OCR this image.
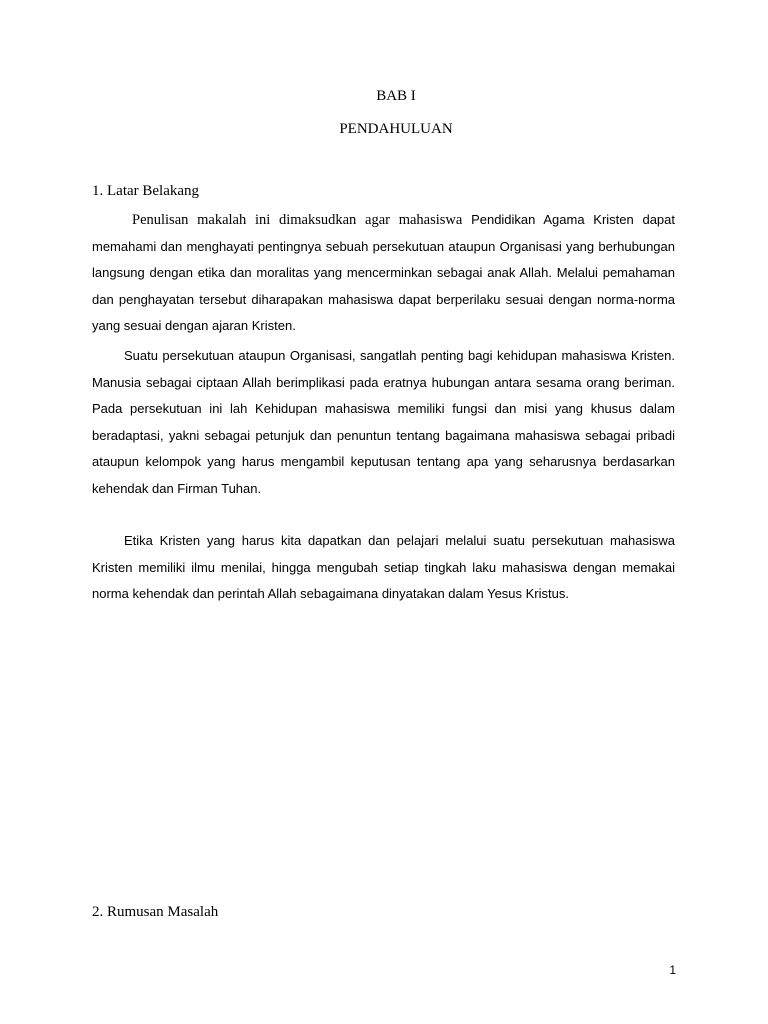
BAB I
PENDAHULUAN
1. Latar Belakang

Penulisan makalah ini dimaksudkan agar mahasiswa Pendidikan Agama Kristen dapat memahami dan menghayati pentingnya sebuah persekutuan ataupun Organisasi yang berhubungan langsung dengan etika dan moralitas yang mencerminkan sebagai anak Allah. Melalui pemahaman dan penghayatan tersebut diharapakan mahasiswa dapat berperilaku sesuai dengan norma-norma yang sesuai dengan ajaran Kristen.

Suatu persekutuan ataupun Organisasi, sangatlah penting bagi kehidupan mahasiswa Kristen. Manusia sebagai ciptaan Allah berimplikasi pada eratnya hubungan antara sesama orang beriman. Pada persekutuan ini lah Kehidupan mahasiswa memiliki fungsi dan misi yang khusus dalam beradaptasi, yakni sebagai petunjuk dan penuntun tentang bagaimana mahasiswa sebagai pribadi ataupun kelompok yang harus mengambil keputusan tentang apa yang seharusnya berdasarkan kehendak dan Firman Tuhan.

Etika Kristen yang harus kita dapatkan dan pelajari melalui suatu persekutuan mahasiswa Kristen memiliki ilmu menilai, hingga mengubah setiap tingkah laku mahasiswa dengan memakai norma kehendak dan perintah Allah sebagaimana dinyatakan dalam Yesus Kristus.

2. Rumusan Masalah
1
